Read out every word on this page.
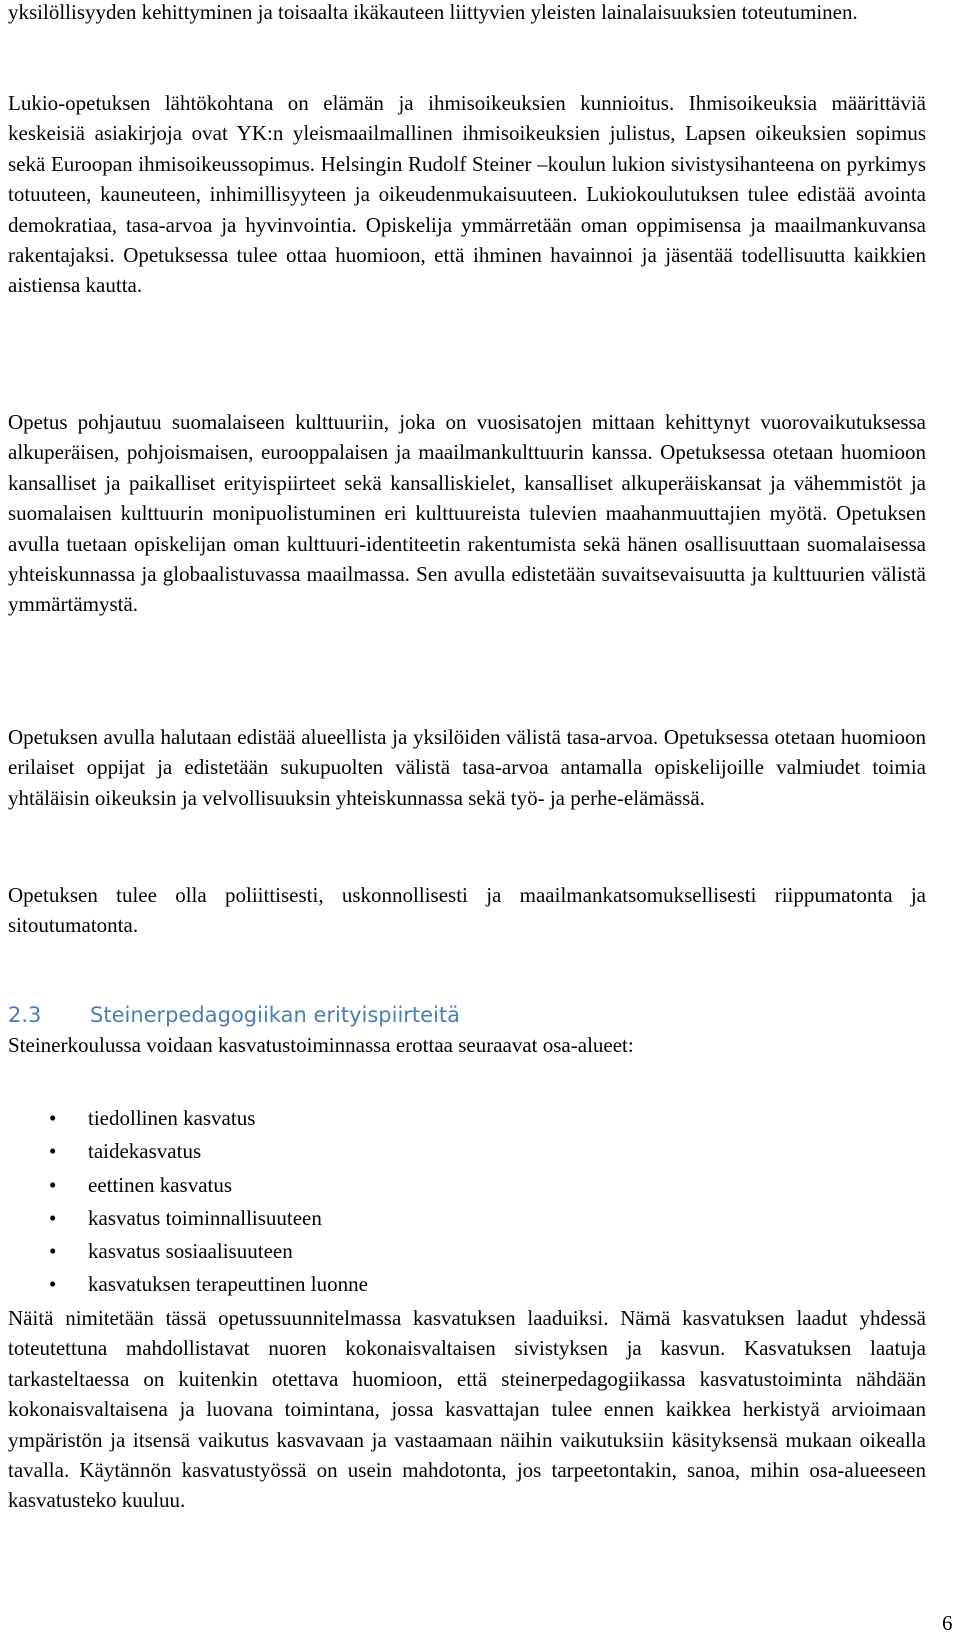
yksilöllisyyden kehittyminen ja toisaalta ikäkauteen liittyvien yleisten lainalaisuuksien toteutuminen.

Lukio-opetuksen lähtökohtana on elämän ja ihmisoikeuksien kunnioitus. Ihmisoikeuksia määrittäviä keskeisiä asiakirjoja ovat YK:n yleismaailmallinen ihmisoikeuksien julistus, Lapsen oikeuksien sopimus sekä Euroopan ihmisoikeussopimus. Helsingin Rudolf Steiner –koulun lukion sivistysihanteena on pyrkimys totuuteen, kauneuteen, inhimillisyyteen ja oikeudenmukaisuuteen. Lukiokoulutuksen tulee edistää avointa demokratiaa, tasa-arvoa ja hyvinvointia. Opiskelija ymmärretään oman oppimisensa ja maailmankuvansa rakentajaksi. Opetuksessa tulee ottaa huomioon, että ihminen havainnoi ja jäsentää todellisuutta kaikkien aistiensa kautta.

Opetus pohjautuu suomalaiseen kulttuuriin, joka on vuosisatojen mittaan kehittynyt vuorovaikutuksessa alkuperäisen, pohjoismaisen, eurooppalaisen ja maailmankulttuurin kanssa. Opetuksessa otetaan huomioon kansalliset ja paikalliset erityispiirteet sekä kansalliskielet, kansalliset alkuperäiskansat ja vähemmistöt ja suomalaisen kulttuurin monipuolistuminen eri kulttuureista tulevien maahanmuuttajien myötä. Opetuksen avulla tuetaan opiskelijan oman kulttuuri-identiteetin rakentumista sekä hänen osallisuuttaan suomalaisessa yhteiskunnassa ja globaalistuvassa maailmassa. Sen avulla edistetään suvaitsevaisuutta ja kulttuurien välistä ymmärtämystä.

Opetuksen avulla halutaan edistää alueellista ja yksilöiden välistä tasa-arvoa. Opetuksessa otetaan huomioon erilaiset oppijat ja edistetään sukupuolten välistä tasa-arvoa antamalla opiskelijoille valmiudet toimia yhtäläisin oikeuksin ja velvollisuuksin yhteiskunnassa sekä työ- ja perhe-elämässä.

Opetuksen tulee olla poliittisesti, uskonnollisesti ja maailmankatsomuksellisesti riippumatonta ja sitoutumatonta.

2.3 Steinerpedagogiikan erityispiirteitä

Steinerkoulussa voidaan kasvatustoiminnassa erottaa seuraavat osa-alueet:

• tiedollinen kasvatus
• taidekasvatus
• eettinen kasvatus
• kasvatus toiminnallisuuteen
• kasvatus sosiaalisuuteen
• kasvatuksen terapeuttinen luonne

Näitä nimitetään tässä opetussuunnitelmassa kasvatuksen laaduiksi. Nämä kasvatuksen laadut yhdessä toteutettuna mahdollistavat nuoren kokonaisvaltaisen sivistyksen ja kasvun. Kasvatuksen laatuja tarkasteltaessa on kuitenkin otettava huomioon, että steinerpedagogiikassa kasvatustoiminta nähdään kokonaisvaltaisena ja luovana toimintana, jossa kasvattajan tulee ennen kaikkea herkistyä arvioimaan ympäristön ja itsensä vaikutus kasvavaan ja vastaamaan näihin vaikutuksiin käsityksensä mukaan oikealla tavalla. Käytännön kasvatustyössä on usein mahdotonta, jos tarpeetontakin, sanoa, mihin osa-alueeseen kasvatusteko kuuluu.

6
